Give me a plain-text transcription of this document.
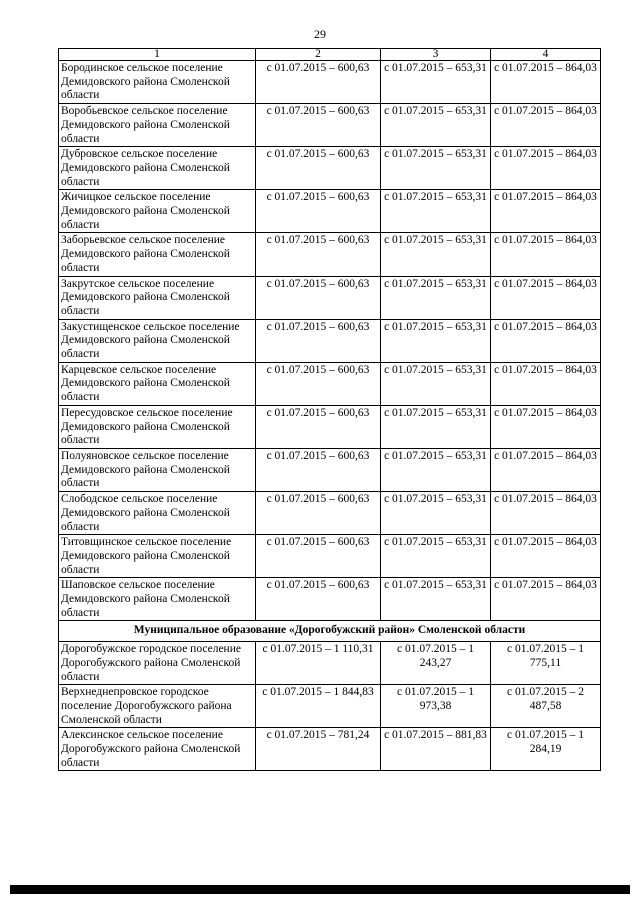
29
1	2	3	4
Бородинское сельское поселение Демидовского района Смоленской области	с 01.07.2015 – 600,63	с 01.07.2015 – 653,31	с 01.07.2015 – 864,03
Воробьевское сельское поселение Демидовского района Смоленской области	с 01.07.2015 – 600,63	с 01.07.2015 – 653,31	с 01.07.2015 – 864,03
Дубровское сельское поселение Демидовского района Смоленской области	с 01.07.2015 – 600,63	с 01.07.2015 – 653,31	с 01.07.2015 – 864,03
Жичицкое сельское поселение Демидовского района Смоленской области	с 01.07.2015 – 600,63	с 01.07.2015 – 653,31	с 01.07.2015 – 864,03
Заборьевское сельское поселение Демидовского района Смоленской области	с 01.07.2015 – 600,63	с 01.07.2015 – 653,31	с 01.07.2015 – 864,03
Закрутское сельское поселение Демидовского района Смоленской области	с 01.07.2015 – 600,63	с 01.07.2015 – 653,31	с 01.07.2015 – 864,03
Закустищенское сельское поселение Демидовского района Смоленской области	с 01.07.2015 – 600,63	с 01.07.2015 – 653,31	с 01.07.2015 – 864,03
Карцевское сельское поселение Демидовского района Смоленской области	с 01.07.2015 – 600,63	с 01.07.2015 – 653,31	с 01.07.2015 – 864,03
Пересудовское сельское поселение Демидовского района Смоленской области	с 01.07.2015 – 600,63	с 01.07.2015 – 653,31	с 01.07.2015 – 864,03
Полуяновское сельское поселение Демидовского района Смоленской области	с 01.07.2015 – 600,63	с 01.07.2015 – 653,31	с 01.07.2015 – 864,03
Слободское сельское поселение Демидовского района Смоленской области	с 01.07.2015 – 600,63	с 01.07.2015 – 653,31	с 01.07.2015 – 864,03
Титовщинское сельское поселение Демидовского района Смоленской области	с 01.07.2015 – 600,63	с 01.07.2015 – 653,31	с 01.07.2015 – 864,03
Шаповское сельское поселение Демидовского района Смоленской области	с 01.07.2015 – 600,63	с 01.07.2015 – 653,31	с 01.07.2015 – 864,03
Муниципальное образование «Дорогобужский район» Смоленской области			
Дорогобужское городское поселение Дорогобужского района Смоленской области	с 01.07.2015 – 1 110,31	с 01.07.2015 – 1 243,27	с 01.07.2015 – 1 775,11
Верхнеднепровское городское поселение Дорогобужского района Смоленской области	с 01.07.2015 – 1 844,83	с 01.07.2015 – 1 973,38	с 01.07.2015 – 2 487,58
Алексинское сельское поселение Дорогобужского района Смоленской области	с 01.07.2015 – 781,24	с 01.07.2015 – 881,83	с 01.07.2015 – 1 284,19
